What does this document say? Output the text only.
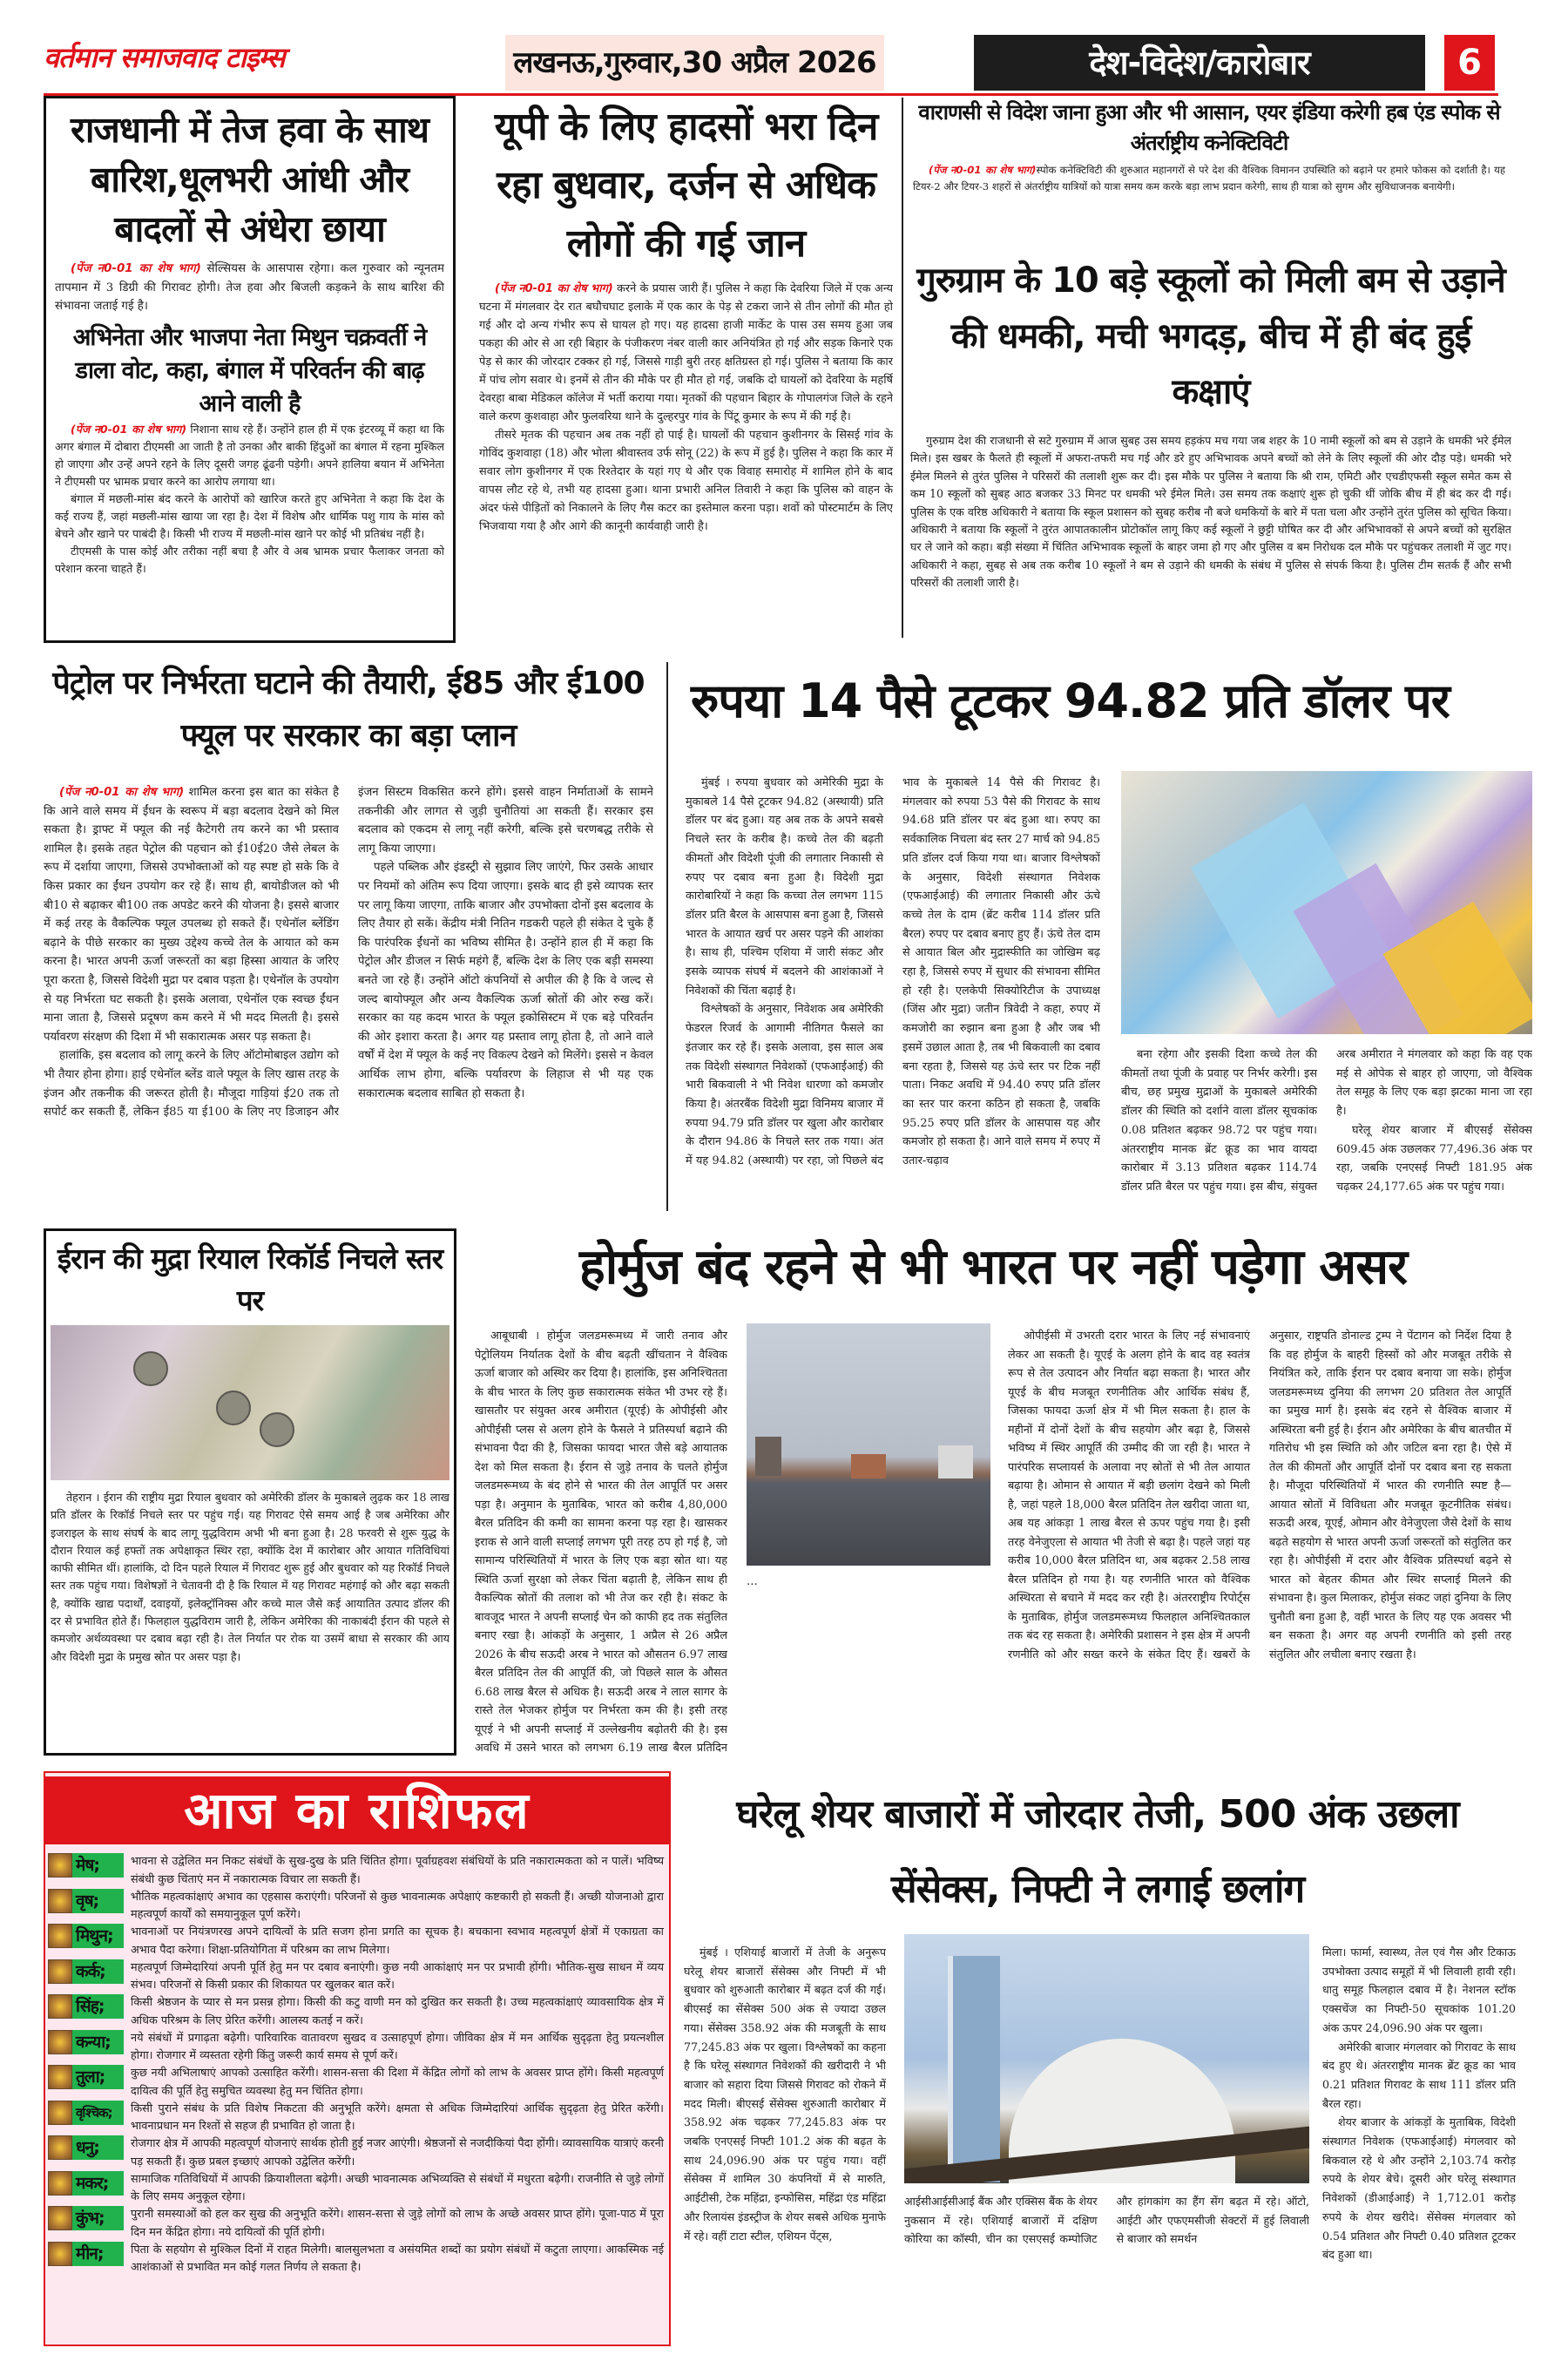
वर्तमान समाजवाद टाइम्स	लखनऊ,गुरुवार,30 अप्रैल 2026	देश-विदेश/कारोबार	6
राजधानी में तेज हवा के साथ बारिश,धूलभरी आंधी और बादलों से अंधेरा छाया

(पेंज न0-01 का शेष भाग) सेल्सियस के आसपास रहेगा। कल गुरुवार को न्यूनतम तापमान में 3 डिग्री की गिरावट होगी। तेज हवा और बिजली कड़कने के साथ बारिश की संभावना जताई गई है।

अभिनेता और भाजपा नेता मिथुन चक्रवर्ती ने डाला वोट, कहा, बंगाल में परिवर्तन की बाढ़ आने वाली है

(पेंज न0-01 का शेष भाग) निशाना साध रहे हैं। उन्होंने हाल ही में एक इंटरव्यू में कहा था कि अगर बंगाल में दोबारा टीएमसी आ जाती है तो उनका और बाकी हिंदुओं का बंगाल में रहना मुश्किल हो जाएगा और उन्हें अपने रहने के लिए दूसरी जगह ढूंढनी पड़ेगी। अपने हालिया बयान में अभिनेता ने टीएमसी पर भ्रामक प्रचार करने का आरोप लगाया था।

बंगाल में मछली-मांस बंद करने के आरोपों को खारिज करते हुए अभिनेता ने कहा कि देश के कई राज्य हैं, जहां मछली-मांस खाया जा रहा है। देश में विशेष और धार्मिक पशु गाय के मांस को बेचने और खाने पर पाबंदी है। किसी भी राज्य में मछली-मांस खाने पर कोई भी प्रतिबंध नहीं है।

टीएमसी के पास कोई और तरीका नहीं बचा है और वे अब भ्रामक प्रचार फैलाकर जनता को परेशान करना चाहते हैं।

यूपी के लिए हादसों भरा दिन रहा बुधवार, दर्जन से अधिक लोगों की गई जान

(पेंज न0-01 का शेष भाग) करने के प्रयास जारी हैं। पुलिस ने कहा कि देवरिया जिले में एक अन्य घटना में मंगलवार देर रात बघौचघाट इलाके में एक कार के पेड़ से टकरा जाने से तीन लोगों की मौत हो गई और दो अन्य गंभीर रूप से घायल हो गए। यह हादसा हाजी मार्केट के पास उस समय हुआ जब पकहा की ओर से आ रही बिहार के पंजीकरण नंबर वाली कार अनियंत्रित हो गई और सड़क किनारे एक पेड़ से कार की जोरदार टक्कर हो गई, जिससे गाड़ी बुरी तरह क्षतिग्रस्त हो गई। पुलिस ने बताया कि कार में पांच लोग सवार थे। इनमें से तीन की मौके पर ही मौत हो गई, जबकि दो घायलों को देवरिया के महर्षि देवरहा बाबा मेडिकल कॉलेज में भर्ती कराया गया। मृतकों की पहचान बिहार के गोपालगंज जिले के रहने वाले करण कुशवाहा और फुलवरिया थाने के दुल्हरपुर गांव के पिंटू कुमार के रूप में की गई है।

तीसरे मृतक की पहचान अब तक नहीं हो पाई है। घायलों की पहचान कुशीनगर के सिसई गांव के गोविंद कुशवाहा (18) और भोला श्रीवास्तव उर्फ सोनू (22) के रूप में हुई है। पुलिस ने कहा कि कार में सवार लोग कुशीनगर में एक रिश्तेदार के यहां गए थे और एक विवाह समारोह में शामिल होने के बाद वापस लौट रहे थे, तभी यह हादसा हुआ। थाना प्रभारी अनिल तिवारी ने कहा कि पुलिस को वाहन के अंदर फंसे पीड़ितों को निकालने के लिए गैस कटर का इस्तेमाल करना पड़ा। शवों को पोस्टमार्टम के लिए भिजवाया गया है और आगे की कानूनी कार्यवाही जारी है।

वाराणसी से विदेश जाना हुआ और भी आसान, एयर इंडिया करेगी हब एंड स्पोक से अंतर्राष्ट्रीय कनेक्टिविटी

(पेंज न0-01 का शेष भाग)स्पोक कनेक्टिविटी की शुरुआत महानगरों से परे देश की वैश्विक विमानन उपस्थिति को बढ़ाने पर हमारे फोकस को दर्शाती है। यह टियर-2 और टियर-3 शहरों से अंतर्राष्ट्रीय यात्रियों को यात्रा समय कम करके बड़ा लाभ प्रदान करेगी, साथ ही यात्रा को सुगम और सुविधाजनक बनायेगी।

गुरुग्राम के 10 बड़े स्कूलों को मिली बम से उड़ाने की धमकी, मची भगदड़, बीच में ही बंद हुई कक्षाएं

गुरुग्राम देश की राजधानी से सटे गुरुग्राम में आज सुबह उस समय हड़कंप मच गया जब शहर के 10 नामी स्कूलों को बम से उड़ाने के धमकी भरे ईमेल मिले। इस खबर के फैलते ही स्कूलों में अफरा-तफरी मच गई और डरे हुए अभिभावक अपने बच्चों को लेने के लिए स्कूलों की ओर दौड़ पड़े। धमकी भरे ईमेल मिलने से तुरंत पुलिस ने परिसरों की तलाशी शुरू कर दी। इस मौके पर पुलिस ने बताया कि श्री राम, एमिटी और एचडीएफसी स्कूल समेत कम से कम 10 स्कूलों को सुबह आठ बजकर 33 मिनट पर धमकी भरे ईमेल मिले। उस समय तक कक्षाएं शुरू हो चुकी थीं जोकि बीच में ही बंद कर दी गई। पुलिस के एक वरिष्ठ अधिकारी ने बताया कि स्कूल प्रशासन को सुबह करीब नौ बजे धमकियों के बारे में पता चला और उन्होंने तुरंत पुलिस को सूचित किया। अधिकारी ने बताया कि स्कूलों ने तुरंत आपातकालीन प्रोटोकॉल लागू किए कई स्कूलों ने छुट्टी घोषित कर दी और अभिभावकों से अपने बच्चों को सुरक्षित घर ले जाने को कहा। बड़ी संख्या में चिंतित अभिभावक स्कूलों के बाहर जमा हो गए और पुलिस व बम निरोधक दल मौके पर पहुंचकर तलाशी में जुट गए। अधिकारी ने कहा, सुबह से अब तक करीब 10 स्कूलों ने बम से उड़ाने की धमकी के संबंध में पुलिस से संपर्क किया है। पुलिस टीम सतर्क हैं और सभी परिसरों की तलाशी जारी है।

पेट्रोल पर निर्भरता घटाने की तैयारी, ई85 और ई100 फ्यूल पर सरकार का बड़ा प्लान

(पेंज न0-01 का शेष भाग) शामिल करना इस बात का संकेत है कि आने वाले समय में ईंधन के स्वरूप में बड़ा बदलाव देखने को मिल सकता है। ड्राफ्ट में फ्यूल की नई कैटेगरी तय करने का भी प्रस्ताव शामिल है। इसके तहत पेट्रोल की पहचान को ई10ई20 जैसे लेबल के रूप में दर्शाया जाएगा, जिससे उपभोक्ताओं को यह स्पष्ट हो सके कि वे किस प्रकार का ईंधन उपयोग कर रहे हैं। साथ ही, बायोडीजल को भी बी10 से बढ़ाकर बी100 तक अपडेट करने की योजना है। इससे बाजार में कई तरह के वैकल्पिक फ्यूल उपलब्ध हो सकते हैं। एथेनॉल ब्लेंडिंग बढ़ाने के पीछे सरकार का मुख्य उद्देश्य कच्चे तेल के आयात को कम करना है। भारत अपनी ऊर्जा जरूरतों का बड़ा हिस्सा आयात के जरिए पूरा करता है, जिससे विदेशी मुद्रा पर दबाव पड़ता है। एथेनॉल के उपयोग से यह निर्भरता घट सकती है। इसके अलावा, एथेनॉल एक स्वच्छ ईंधन माना जाता है, जिससे प्रदूषण कम करने में भी मदद मिलती है। इससे पर्यावरण संरक्षण की दिशा में भी सकारात्मक असर पड़ सकता है।

हालांकि, इस बदलाव को लागू करने के लिए ऑटोमोबाइल उद्योग को भी तैयार होना होगा। हाई एथेनॉल ब्लेंड वाले फ्यूल के लिए खास तरह के इंजन और तकनीक की जरूरत होती है। मौजूदा गाड़ियां ई20 तक तो सपोर्ट कर सकती हैं, लेकिन ई85 या ई100 के लिए नए डिजाइन और इंजन सिस्टम विकसित करने होंगे। इससे वाहन निर्माताओं के सामने तकनीकी और लागत से जुड़ी चुनौतियां आ सकती हैं। सरकार इस बदलाव को एकदम से लागू नहीं करेगी, बल्कि इसे चरणबद्ध तरीके से लागू किया जाएगा।

पहले पब्लिक और इंडस्ट्री से सुझाव लिए जाएंगे, फिर उसके आधार पर नियमों को अंतिम रूप दिया जाएगा। इसके बाद ही इसे व्यापक स्तर पर लागू किया जाएगा, ताकि बाजार और उपभोक्ता दोनों इस बदलाव के लिए तैयार हो सकें। केंद्रीय मंत्री नितिन गडकरी पहले ही संकेत दे चुके हैं कि पारंपरिक ईंधनों का भविष्य सीमित है। उन्होंने हाल ही में कहा कि पेट्रोल और डीजल न सिर्फ महंगे हैं, बल्कि देश के लिए एक बड़ी समस्या बनते जा रहे हैं। उन्होंने ऑटो कंपनियों से अपील की है कि वे जल्द से जल्द बायोफ्यूल और अन्य वैकल्पिक ऊर्जा स्रोतों की ओर रुख करें। सरकार का यह कदम भारत के फ्यूल इकोसिस्टम में एक बड़े परिवर्तन की ओर इशारा करता है। अगर यह प्रस्ताव लागू होता है, तो आने वाले वर्षों में देश में फ्यूल के कई नए विकल्प देखने को मिलेंगे। इससे न केवल आर्थिक लाभ होगा, बल्कि पर्यावरण के लिहाज से भी यह एक सकारात्मक बदलाव साबित हो सकता है।

रुपया 14 पैसे टूटकर 94.82 प्रति डॉलर पर

मुंबई । रुपया बुधवार को अमेरिकी मुद्रा के मुकाबले 14 पैसे टूटकर 94.82 (अस्थायी) प्रति डॉलर पर बंद हुआ। यह अब तक के अपने सबसे निचले स्तर के करीब है। कच्चे तेल की बढ़ती कीमतों और विदेशी पूंजी की लगातार निकासी से रुपए पर दबाव बना हुआ है। विदेशी मुद्रा कारोबारियों ने कहा कि कच्चा तेल लगभग 115 डॉलर प्रति बैरल के आसपास बना हुआ है, जिससे भारत के आयात खर्च पर असर पड़ने की आशंका है। साथ ही, पश्चिम एशिया में जारी संकट और इसके व्यापक संघर्ष में बदलने की आशंकाओं ने निवेशकों की चिंता बढ़ाई है।

विश्लेषकों के अनुसार, निवेशक अब अमेरिकी फेडरल रिजर्व के आगामी नीतिगत फैसले का इंतजार कर रहे हैं। इसके अलावा, इस साल अब तक विदेशी संस्थागत निवेशकों (एफआईआई) की भारी बिकवाली ने भी निवेश धारणा को कमजोर किया है। अंतरबैंक विदेशी मुद्रा विनिमय बाजार में रुपया 94.79 प्रति डॉलर पर खुला और कारोबार के दौरान 94.86 के निचले स्तर तक गया। अंत में यह 94.82 (अस्थायी) पर रहा, जो पिछले बंद भाव के मुकाबले 14 पैसे की गिरावट है। मंगलवार को रुपया 53 पैसे की गिरावट के साथ 94.68 प्रति डॉलर पर बंद हुआ था। रुपए का सर्वकालिक निचला बंद स्तर 27 मार्च को 94.85 प्रति डॉलर दर्ज किया गया था। बाजार विश्लेषकों के अनुसार, विदेशी संस्थागत निवेशक (एफआईआई) की लगातार निकासी और ऊंचे कच्चे तेल के दाम (ब्रेंट करीब 114 डॉलर प्रति बैरल) रुपए पर दबाव बनाए हुए हैं। ऊंचे तेल दाम से आयात बिल और मुद्रास्फीति का जोखिम बढ़ रहा है, जिससे रुपए में सुधार की संभावना सीमित हो रही है। एलकेपी सिक्योरिटीज के उपाध्यक्ष (जिंस और मुद्रा) जतीन त्रिवेदी ने कहा, रुपए में कमजोरी का रुझान बना हुआ है और जब भी इसमें उछाल आता है, तब भी बिकवाली का दबाव बना रहता है, जिससे यह ऊंचे स्तर पर टिक नहीं पाता। निकट अवधि में 94.40 रुपए प्रति डॉलर का स्तर पार करना कठिन हो सकता है, जबकि 95.25 रुपए प्रति डॉलर के आसपास यह और कमजोर हो सकता है। आने वाले समय में रुपए में उतार-चढ़ाव

बना रहेगा और इसकी दिशा कच्चे तेल की कीमतों तथा पूंजी के प्रवाह पर निर्भर करेगी। इस बीच, छह प्रमुख मुद्राओं के मुकाबले अमेरिकी डॉलर की स्थिति को दर्शाने वाला डॉलर सूचकांक 0.08 प्रतिशत बढ़कर 98.72 पर पहुंच गया। अंतरराष्ट्रीय मानक ब्रेंट क्रूड का भाव वायदा कारोबार में 3.13 प्रतिशत बढ़कर 114.74 डॉलर प्रति बैरल पर पहुंच गया। इस बीच, संयुक्त अरब अमीरात ने मंगलवार को कहा कि वह एक मई से ओपेक से बाहर हो जाएगा, जो वैश्विक तेल समूह के लिए एक बड़ा झटका माना जा रहा है।

घरेलू शेयर बाजार में बीएसई सेंसेक्स 609.45 अंक उछलकर 77,496.36 अंक पर रहा, जबकि एनएसई निफ्टी 181.95 अंक चढ़कर 24,177.65 अंक पर पहुंच गया।

ईरान की मुद्रा रियाल रिकॉर्ड निचले स्तर पर

तेहरान । ईरान की राष्ट्रीय मुद्रा रियाल बुधवार को अमेरिकी डॉलर के मुकाबले लुढ़क कर 18 लाख प्रति डॉलर के रिकॉर्ड निचले स्तर पर पहुंच गई। यह गिरावट ऐसे समय आई है जब अमेरिका और इजराइल के साथ संघर्ष के बाद लागू युद्धविराम अभी भी बना हुआ है। 28 फरवरी से शुरू युद्ध के दौरान रियाल कई हफ्तों तक अपेक्षाकृत स्थिर रहा, क्योंकि देश में कारोबार और आयात गतिविधियां काफी सीमित थीं। हालांकि, दो दिन पहले रियाल में गिरावट शुरू हुई और बुधवार को यह रिकॉर्ड निचले स्तर तक पहुंच गया। विशेषज्ञों ने चेतावनी दी है कि रियाल में यह गिरावट महंगाई को और बढ़ा सकती है, क्योंकि खाद्य पदार्थों, दवाइयों, इलेक्ट्रॉनिक्स और कच्चे माल जैसे कई आयातित उत्पाद डॉलर की दर से प्रभावित होते हैं। फिलहाल युद्धविराम जारी है, लेकिन अमेरिका की नाकाबंदी ईरान की पहले से कमजोर अर्थव्यवस्था पर दबाव बढ़ा रही है। तेल निर्यात पर रोक या उसमें बाधा से सरकार की आय और विदेशी मुद्रा के प्रमुख स्रोत पर असर पड़ा है।

होर्मुज बंद रहने से भी भारत पर नहीं पड़ेगा असर

आबूधाबी । होर्मुज जलडमरूमध्य में जारी तनाव और पेट्रोलियम निर्यातक देशों के बीच बढ़ती खींचतान ने वैश्विक ऊर्जा बाजार को अस्थिर कर दिया है। हालांकि, इस अनिश्चितता के बीच भारत के लिए कुछ सकारात्मक संकेत भी उभर रहे हैं। खासतौर पर संयुक्त अरब अमीरात (यूएई) के ओपीईसी और ओपीईसी प्लस से अलग होने के फैसले ने प्रतिस्पर्धा बढ़ाने की संभावना पैदा की है, जिसका फायदा भारत जैसे बड़े आयातक देश को मिल सकता है। ईरान से जुड़े तनाव के चलते होर्मुज जलडमरूमध्य के बंद होने से भारत की तेल आपूर्ति पर असर पड़ा है। अनुमान के मुताबिक, भारत को करीब 4,80,000 बैरल प्रतिदिन की कमी का सामना करना पड़ रहा है। खासकर इराक से आने वाली सप्लाई लगभग पूरी तरह ठप हो गई है, जो सामान्य परिस्थितियों में भारत के लिए एक बड़ा स्रोत था। यह स्थिति ऊर्जा सुरक्षा को लेकर चिंता बढ़ाती है, लेकिन साथ ही वैकल्पिक स्रोतों की तलाश को भी तेज कर रही है। संकट के बावजूद भारत ने अपनी सप्लाई चेन को काफी हद तक संतुलित बनाए रखा है। आंकड़ों के अनुसार, 1 अप्रैल से 26 अप्रैल 2026 के बीच सऊदी अरब ने भारत को औसतन 6.97 लाख बैरल प्रतिदिन तेल की आपूर्ति की, जो पिछले साल के औसत 6.68 लाख बैरल से अधिक है। सऊदी अरब ने लाल सागर के रास्ते तेल भेजकर होर्मुज पर निर्भरता कम की है। इसी तरह यूएई ने भी अपनी सप्लाई में उल्लेखनीय बढ़ोतरी की है। इस अवधि में उसने भारत को लगभग 6.19 लाख बैरल प्रतिदिन

…

ओपीईसी में उभरती दरार भारत के लिए नई संभावनाएं लेकर आ सकती है। यूएई के अलग होने के बाद वह स्वतंत्र रूप से तेल उत्पादन और निर्यात बढ़ा सकता है। भारत और यूएई के बीच मजबूत रणनीतिक और आर्थिक संबंध हैं, जिसका फायदा ऊर्जा क्षेत्र में भी मिल सकता है। हाल के महीनों में दोनों देशों के बीच सहयोग और बढ़ा है, जिससे भविष्य में स्थिर आपूर्ति की उम्मीद की जा रही है। भारत ने पारंपरिक सप्लायर्स के अलावा नए स्रोतों से भी तेल आयात बढ़ाया है। ओमान से आयात में बड़ी छलांग देखने को मिली है, जहां पहले 18,000 बैरल प्रतिदिन तेल खरीदा जाता था, अब यह आंकड़ा 1 लाख बैरल से ऊपर पहुंच गया है। इसी तरह वेनेजुएला से आयात भी तेजी से बढ़ा है। पहले जहां यह करीब 10,000 बैरल प्रतिदिन था, अब बढ़कर 2.58 लाख बैरल प्रतिदिन हो गया है। यह रणनीति भारत को वैश्विक अस्थिरता से बचाने में मदद कर रही है। अंतरराष्ट्रीय रिपोर्ट्स के मुताबिक, होर्मुज जलडमरूमध्य फिलहाल अनिश्चितकाल तक बंद रह सकता है। अमेरिकी प्रशासन ने इस क्षेत्र में अपनी रणनीति को और सख्त करने के संकेत दिए हैं। खबरों के अनुसार, राष्ट्रपति डोनाल्ड ट्रम्प ने पेंटागन को निर्देश दिया है कि वह होर्मुज के बाहरी हिस्सों को और मजबूत तरीके से नियंत्रित करे, ताकि ईरान पर दबाव बनाया जा सके। होर्मुज जलडमरूमध्य दुनिया की लगभग 20 प्रतिशत तेल आपूर्ति का प्रमुख मार्ग है। इसके बंद रहने से वैश्विक बाजार में अस्थिरता बनी हुई है। ईरान और अमेरिका के बीच बातचीत में गतिरोध भी इस स्थिति को और जटिल बना रहा है। ऐसे में तेल की कीमतों और आपूर्ति दोनों पर दबाव बना रह सकता है। मौजूदा परिस्थितियों में भारत की रणनीति स्पष्ट है—आयात स्रोतों में विविधता और मजबूत कूटनीतिक संबंध। सऊदी अरब, यूएई, ओमान और वेनेजुएला जैसे देशों के साथ बढ़ते सहयोग से भारत अपनी ऊर्जा जरूरतों को संतुलित कर रहा है। ओपीईसी में दरार और वैश्विक प्रतिस्पर्धा बढ़ने से भारत को बेहतर कीमत और स्थिर सप्लाई मिलने की संभावना है। कुल मिलाकर, होर्मुज संकट जहां दुनिया के लिए चुनौती बना हुआ है, वहीं भारत के लिए यह एक अवसर भी बन सकता है। अगर वह अपनी रणनीति को इसी तरह संतुलित और लचीला बनाए रखता है।

आज का राशिफल
मेष;	भावना से उद्वेलित मन निकट संबंधों के सुख-दुख के प्रति चिंतित होगा। पूर्वाग्रहवश संबंधियों के प्रति नकारात्मकता को न पालें। भविष्य संबंधी कुछ चिंताएं मन में नकारात्मक विचार ला सकती हैं।
वृष;	भौतिक महत्वकांक्षाएं अभाव का एहसास कराएंगी। परिजनों से कुछ भावनात्मक अपेक्षाएं कष्टकारी हो सकती हैं। अच्छी योजनाओ द्वारा महत्वपूर्ण कार्यों को समयानुकूल पूर्ण करेंगे।
मिथुन;	भावनाओं पर नियंत्रणरख अपने दायित्वों के प्रति सजग होना प्रगति का सूचक है। बचकाना स्वभाव महत्वपूर्ण क्षेत्रों में एकाग्रता का अभाव पैदा करेगा। शिक्षा-प्रतियोगिता में परिश्रम का लाभ मिलेगा।
कर्क;	महत्वपूर्ण जिम्मेदारियां अपनी पूर्ति हेतु मन पर दबाव बनाएंगी। कुछ नयी आकांक्षाएं मन पर प्रभावी होंगी। भौतिक-सुख साधन में व्यय संभव। परिजनों से किसी प्रकार की शिकायत पर खुलकर बात करें।
सिंह;	किसी श्रेष्ठजन के प्यार से मन प्रसन्न होगा। किसी की कटु वाणी मन को दुखित कर सकती है। उच्च महत्वकांक्षाएं व्यावसायिक क्षेत्र में अधिक परिश्रम के लिए प्रेरित करेंगी। आलस्य कतई न करें।
कन्या;	नये संबंधों में प्रगाढ़ता बढ़ेगी। पारिवारिक वातावरण सुखद व उत्साहपूर्ण होगा। जीविका क्षेत्र में मन आर्थिक सुदृढ़ता हेतु प्रयत्नशील होगा। रोजगार में व्यस्तता रहेगी किंतु जरूरी कार्य समय से पूर्ण करें।
तुला;	कुछ नयी अभिलाषाएं आपको उत्साहित करेंगी। शासन-सत्ता की दिशा में केंद्रित लोगों को लाभ के अवसर प्राप्त होंगे। किसी महत्वपूर्ण दायित्व की पूर्ति हेतु समुचित व्यवस्था हेतु मन चिंतित होगा।
वृश्चिक;	किसी पुराने संबंध के प्रति विशेष निकटता की अनुभूति करेंगे। क्षमता से अधिक जिम्मेदारियां आर्थिक सुदृढ़ता हेतु प्रेरित करेंगी। भावनाप्रधान मन रिश्तों से सहज ही प्रभावित हो जाता है।
धनु;	रोजगार क्षेत्र में आपकी महत्वपूर्ण योजनाएं सार्थक होती हुई नजर आएंगी। श्रेष्ठजनों से नजदीकियां पैदा होंगी। व्यावसायिक यात्राएं करनी पड़ सकती हैं। कुछ प्रबल इच्छाएं आपको उद्वेलित करेंगी।
मकर;	सामाजिक गतिविधियों में आपकी क्रियाशीलता बढ़ेगी। अच्छी भावनात्मक अभिव्यक्ति से संबंधों में मधुरता बढ़ेगी। राजनीति से जुड़े लोगों के लिए समय अनुकूल रहेगा।
कुंभ;	पुरानी समस्याओं को हल कर सुख की अनुभूति करेंगे। शासन-सत्ता से जुड़े लोगों को लाभ के अच्छे अवसर प्राप्त होंगे। पूजा-पाठ में पूरा दिन मन केंद्रित होगा। नये दायित्वों की पूर्ति होगी।
मीन;	पिता के सहयोग से मुश्किल दिनों में राहत मिलेगी। बालसुलभता व असंयमित शब्दों का प्रयोग संबंधों में कटुता लाएगा। आकस्मिक नई आशंकाओं से प्रभावित मन कोई गलत निर्णय ले सकता है।
घरेलू शेयर बाजारों में जोरदार तेजी, 500 अंक उछला सेंसेक्स, निफ्टी ने लगाई छलांग

मुंबई । एशियाई बाजारों में तेजी के अनुरूप घरेलू शेयर बाजारों सेंसेक्स और निफ्टी में भी बुधवार को शुरुआती कारोबार में बढ़त दर्ज की गई। बीएसई का सेंसेक्स 500 अंक से ज्यादा उछल गया। सेंसेक्स 358.92 अंक की मजबूती के साथ 77,245.83 अंक पर खुला। विश्लेषकों का कहना है कि घरेलू संस्थागत निवेशकों की खरीदारी ने भी बाजार को सहारा दिया जिससे गिरावट को रोकने में मदद मिली। बीएसई सेंसेक्स शुरुआती कारोबार में 358.92 अंक चढ़कर 77,245.83 अंक पर जबकि एनएसई निफ्टी 101.2 अंक की बढ़त के साथ 24,096.90 अंक पर पहुंच गया। वहीं सेंसेक्स में शामिल 30 कंपनियों में से मारुति, आईटीसी, टेक महिंद्रा, इन्फोसिस, महिंद्रा एंड महिंद्रा और रिलायंस इंडस्ट्रीज के शेयर सबसे अधिक मुनाफे में रहे। वहीं टाटा स्टील, एशियन पेंट्स,

आईसीआईसीआई बैंक और एक्सिस बैंक के शेयर नुकसान में रहे। एशियाई बाजारों में दक्षिण कोरिया का कॉस्पी, चीन का एसएसई कम्पोजिट और हांगकांग का हैंग सेंग बढ़त में रहे। ऑटो, आईटी और एफएमसीजी सेक्टरों में हुई लिवाली से बाजार को समर्थन

मिला। फार्मा, स्वास्थ्य, तेल एवं गैस और टिकाऊ उपभोक्ता उत्पाद समूहों में भी लिवाली हावी रही। धातु समूह फिलहाल दबाव में है। नेशनल स्टॉक एक्सचेंज का निफ्टी-50 सूचकांक 101.20 अंक ऊपर 24,096.90 अंक पर खुला।

अमेरिकी बाजार मंगलवार को गिरावट के साथ बंद हुए थे। अंतरराष्ट्रीय मानक ब्रेंट क्रूड का भाव 0.21 प्रतिशत गिरावट के साथ 111 डॉलर प्रति बैरल रहा।

शेयर बाजार के आंकड़ों के मुताबिक, विदेशी संस्थागत निवेशक (एफआईआई) मंगलवार को बिकवाल रहे थे और उन्होंने 2,103.74 करोड़ रुपये के शेयर बेचे। दूसरी ओर घरेलू संस्थागत निवेशकों (डीआईआई) ने 1,712.01 करोड़ रुपये के शेयर खरीदे। सेंसेक्स मंगलवार को 0.54 प्रतिशत और निफ्टी 0.40 प्रतिशत टूटकर बंद हुआ था।
